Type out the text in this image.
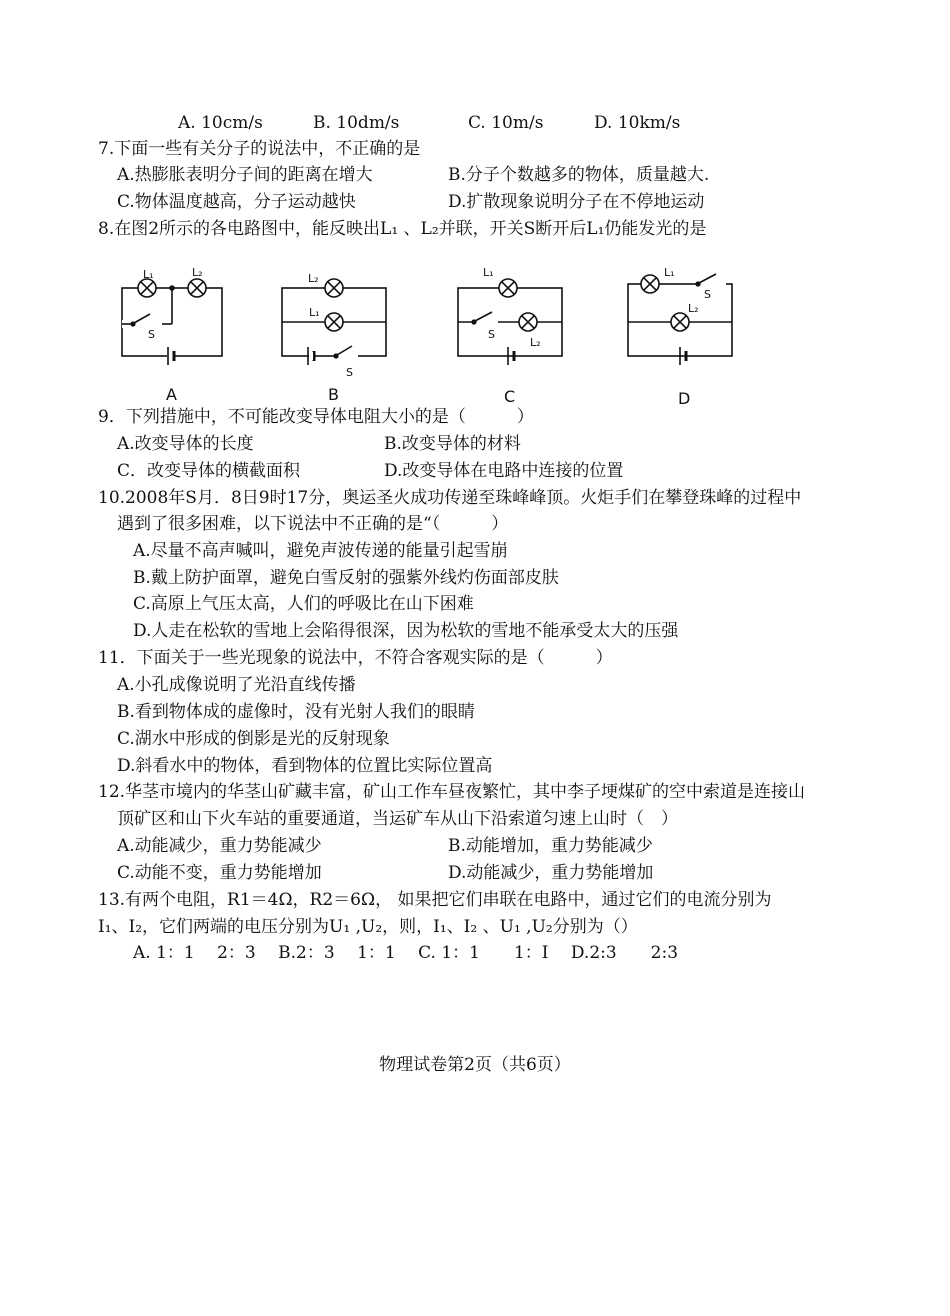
A. 10cm/s	B. 10dm/s	C. 10m/s	D. 10km/s
7.下面一些有关分子的说法中，不正确的是
A.热膨胀表明分子间的距离在增大	B.分子个数越多的物体，质量越大.
C.物体温度越高，分子运动越快	D.扩散现象说明分子在不停地运动
8.在图2所示的各电路图中，能反映出L₁ 、L₂并联，开关S断开后L₁仍能发光的是
L₁	L₂
S
A
L₂
L₁
S
B
L₁
S
L₂
C
L₁
S
L₂
D
9．下列措施中，不可能改变导体电阻大小的是（　　　）
A.改变导体的长度	B.改变导体的材料
C．改变导体的横截面积	D.改变导体在电路中连接的位置
10.2008年S月．8日9时17分，奥运圣火成功传递至珠峰峰顶。火炬手们在攀登珠峰的过程中
遇到了很多困难，以下说法中不正确的是“（　　　）
A.尽量不高声喊叫，避免声波传递的能量引起雪崩
B.戴上防护面罩，避免白雪反射的强紫外线灼伤面部皮肤
C.高原上气压太高，人们的呼吸比在山下困难
D.人走在松软的雪地上会陷得很深，因为松软的雪地不能承受太大的压强
11．下面关于一些光现象的说法中，不符合客观实际的是（　　　）
A.小孔成像说明了光沿直线传播
B.看到物体成的虚像时，没有光射人我们的眼睛
C.湖水中形成的倒影是光的反射现象
D.斜看水中的物体，看到物体的位置比实际位置高
12.华茎市境内的华茎山矿藏丰富，矿山工作车昼夜繁忙，其中李子埂煤矿的空中索道是连接山
顶矿区和山下火车站的重要通道，当运矿车从山下沿索道匀速上山时（　）
A.动能减少，重力势能减少	B.动能增加，重力势能减少
C.动能不变，重力势能增加	D.动能减少，重力势能增加
13.有两个电阻，R1＝4Ω，R2＝6Ω， 如果把它们串联在电路中，通过它们的电流分别为
I₁、I₂，它们两端的电压分别为U₁ ,U₂，则，I₁、I₂ 、U₁ ,U₂分别为（）
A. 1：1　 2：3　 B.2：3　 1：1　 C. 1：1　　1：I　 D.2:3　　2:3
物理试卷第2页（共6页）
